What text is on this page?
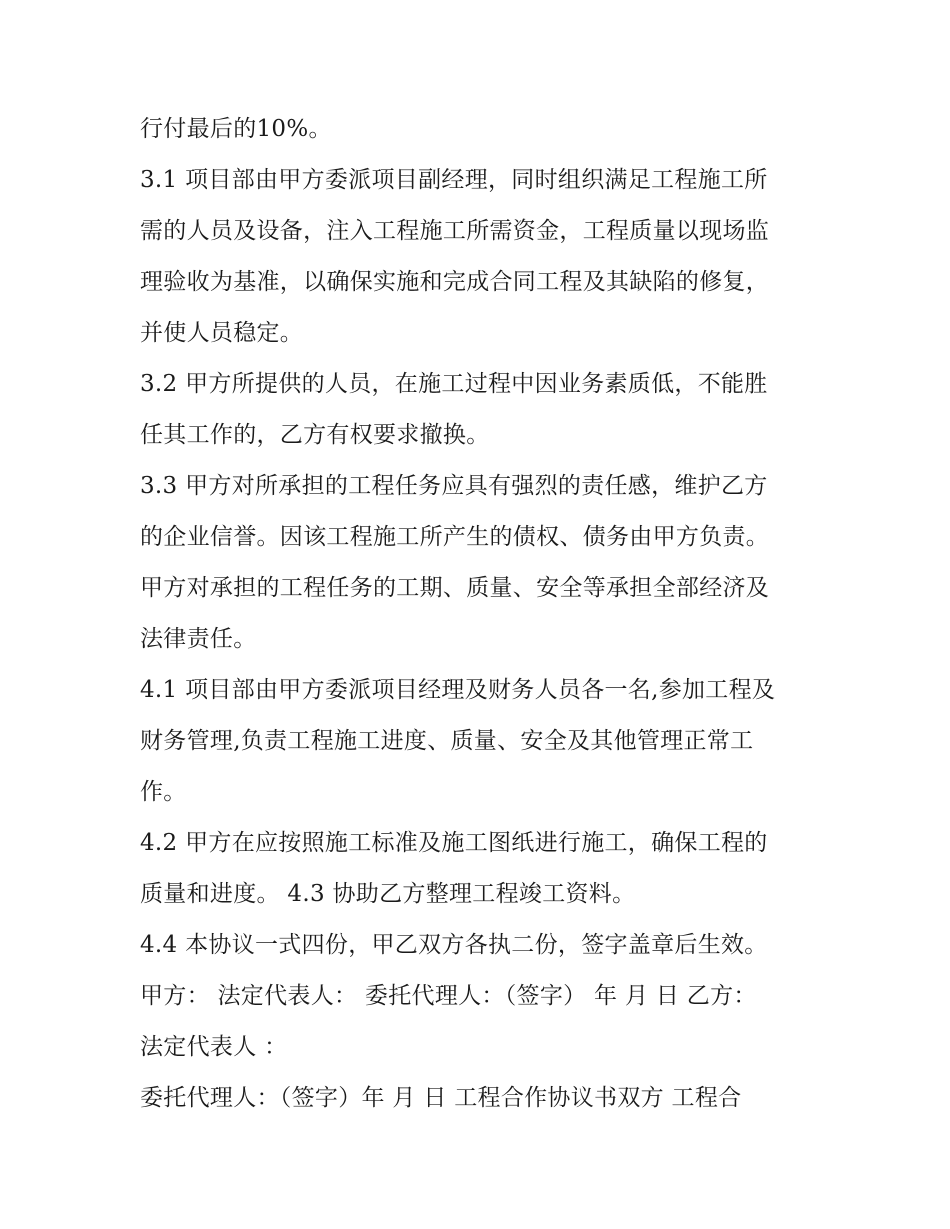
行付最后的10%。
3.1 项目部由甲方委派项目副经理，同时组织满足工程施工所
需的人员及设备，注入工程施工所需资金，工程质量以现场监
理验收为基准，以确保实施和完成合同工程及其缺陷的修复，
并使人员稳定。
3.2 甲方所提供的人员，在施工过程中因业务素质低，不能胜
任其工作的，乙方有权要求撤换。
3.3 甲方对所承担的工程任务应具有强烈的责任感，维护乙方
的企业信誉。因该工程施工所产生的债权、债务由甲方负责。
甲方对承担的工程任务的工期、质量、安全等承担全部经济及
法律责任。
4.1 项目部由甲方委派项目经理及财务人员各一名,参加工程及
财务管理,负责工程施工进度、质量、安全及其他管理正常工
作。
4.2 甲方在应按照施工标准及施工图纸进行施工，确保工程的
质量和进度。 4.3 协助乙方整理工程竣工资料。
4.4 本协议一式四份，甲乙双方各执二份，签字盖章后生效。
甲方： 法定代表人： 委托代理人：（签字） 年 月 日 乙方：
法定代表人 ：
委托代理人：（签字）年 月 日 工程合作协议书双方 工程合
